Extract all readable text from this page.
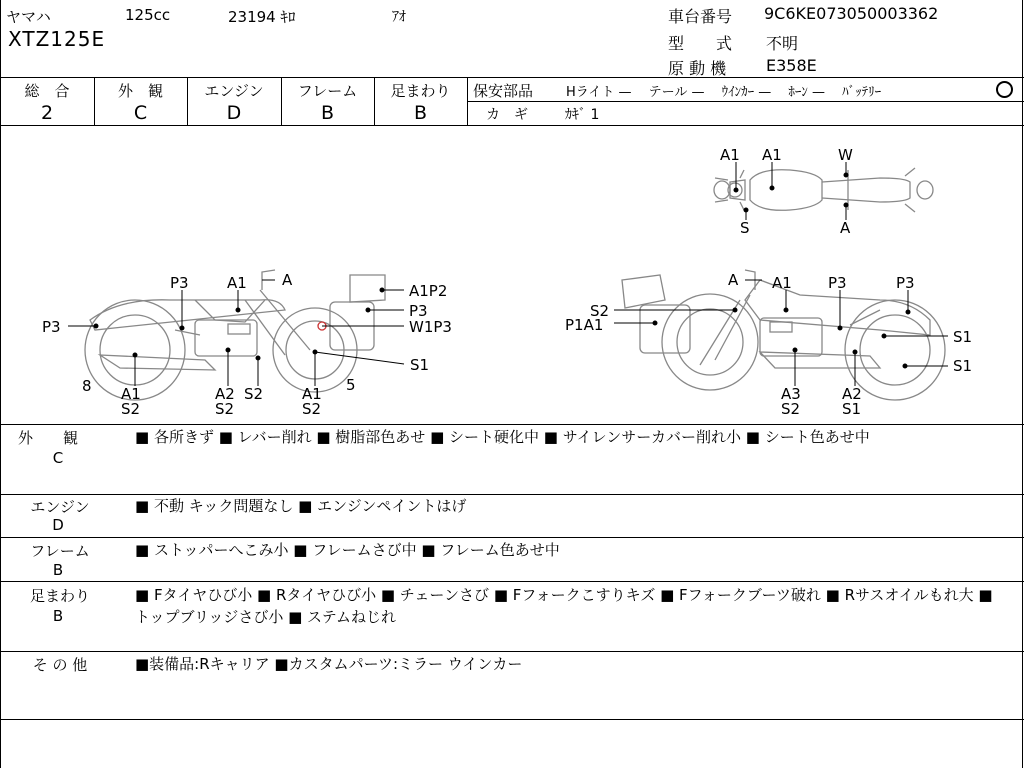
ヤマハ	125cc	23194 ｷﾛ	ｱｵ
XTZ125E
車台番号 9C6KE073050003362
型　　式 不明
原 動 機 E358E
総　合
2
外　観
C
エンジン
D
フレーム
B
足まわり
B
保安部品	Hライト —　 テール —　 ｳｲﾝｶｰ —　 ﾎｰﾝ —　 ﾊﾞｯﾃﾘｰ
カ　ギ	ｶｷﾞ 1
A1 A1	W
S	A
P3	A1 A
A1P2
P3
W1P3
S1
P3
8 A1
S2
A2
S2
S2	A1
S2
5
A A1 P3	P3
S2
P1A1
S1
S1
A3
S2
A2
S1
外　　観
C
■ 各所きず ■ レバー削れ ■ 樹脂部色あせ ■ シート硬化中 ■ サイレンサーカバー削れ小 ■ シート色あせ中
エンジン
D
■ 不動 キック問題なし ■ エンジンペイントはげ
フレーム
B
■ ストッパーへこみ小 ■ フレームさび中 ■ フレーム色あせ中
足まわり
B
■ Fタイヤひび小 ■ Rタイヤひび小 ■ チェーンさび ■ Fフォークこすりキズ ■ Fフォークブーツ破れ ■ Rサスオイルもれ大 ■ トップブリッジさび小 ■ ステムねじれ
そ の 他	■装備品:Rキャリア ■カスタムパーツ:ミラー ウインカー
